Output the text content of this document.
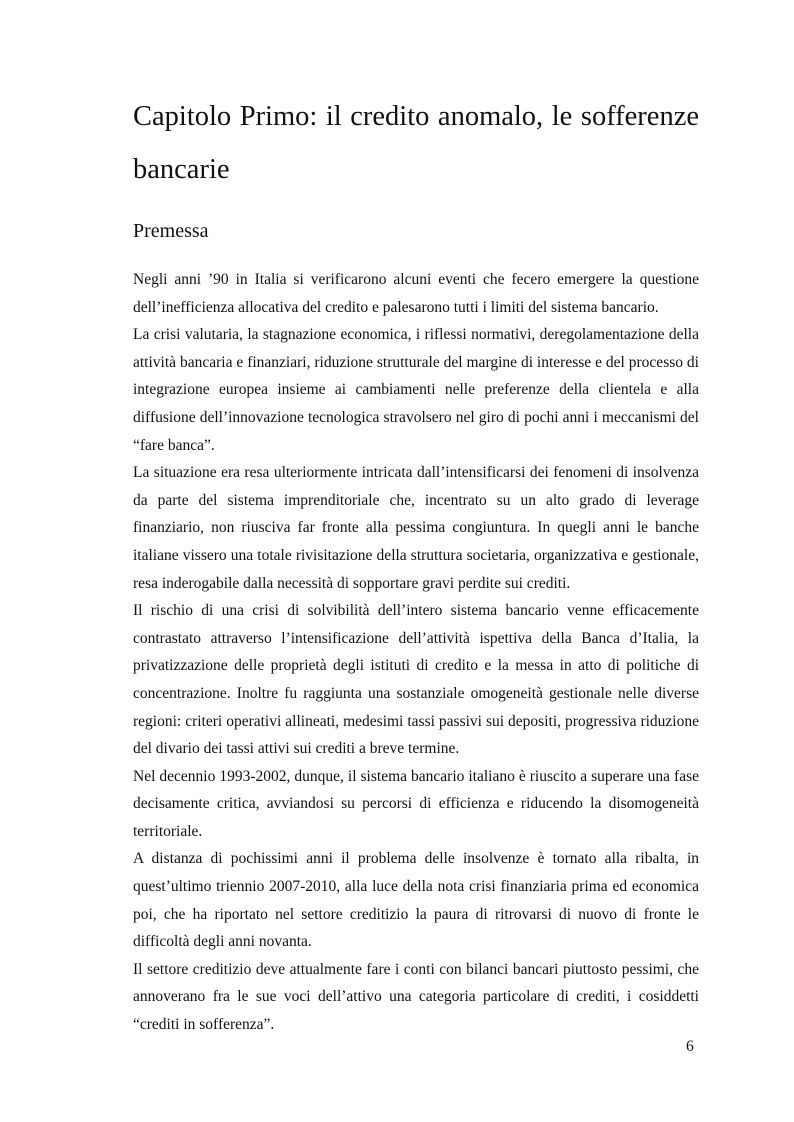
Capitolo Primo: il credito anomalo, le sofferenze bancarie
Premessa

Negli anni ’90 in Italia si verificarono alcuni eventi che fecero emergere la questione dell’inefficienza allocativa del credito e palesarono tutti i limiti del sistema bancario.

La crisi valutaria, la stagnazione economica, i riflessi normativi, deregolamentazione della attività bancaria e finanziari, riduzione strutturale del margine di interesse e del processo di integrazione europea insieme ai cambiamenti nelle preferenze della clientela e alla diffusione dell’innovazione tecnologica stravolsero nel giro di pochi anni i meccanismi del “fare banca”.

La situazione era resa ulteriormente intricata dall’intensificarsi dei fenomeni di insolvenza da parte del sistema imprenditoriale che, incentrato su un alto grado di leverage finanziario, non riusciva far fronte alla pessima congiuntura. In quegli anni le banche italiane vissero una totale rivisitazione della struttura societaria, organizzativa e gestionale, resa inderogabile dalla necessità di sopportare gravi perdite sui crediti.

Il rischio di una crisi di solvibilità dell’intero sistema bancario venne efficacemente contrastato attraverso l’intensificazione dell’attività ispettiva della Banca d’Italia, la privatizzazione delle proprietà degli istituti di credito e la messa in atto di politiche di concentrazione. Inoltre fu raggiunta una sostanziale omogeneità gestionale nelle diverse regioni: criteri operativi allineati, medesimi tassi passivi sui depositi, progressiva riduzione del divario dei tassi attivi sui crediti a breve termine.

Nel decennio 1993-2002, dunque, il sistema bancario italiano è riuscito a superare una fase decisamente critica, avviandosi su percorsi di efficienza e riducendo la disomogeneità territoriale.

A distanza di pochissimi anni il problema delle insolvenze è tornato alla ribalta, in quest’ultimo triennio 2007-2010, alla luce della nota crisi finanziaria prima ed economica poi, che ha riportato nel settore creditizio la paura di ritrovarsi di nuovo di fronte le difficoltà degli anni novanta.

Il settore creditizio deve attualmente fare i conti con bilanci bancari piuttosto pessimi, che annoverano fra le sue voci dell’attivo una categoria particolare di crediti, i cosiddetti “crediti in sofferenza”.

6
